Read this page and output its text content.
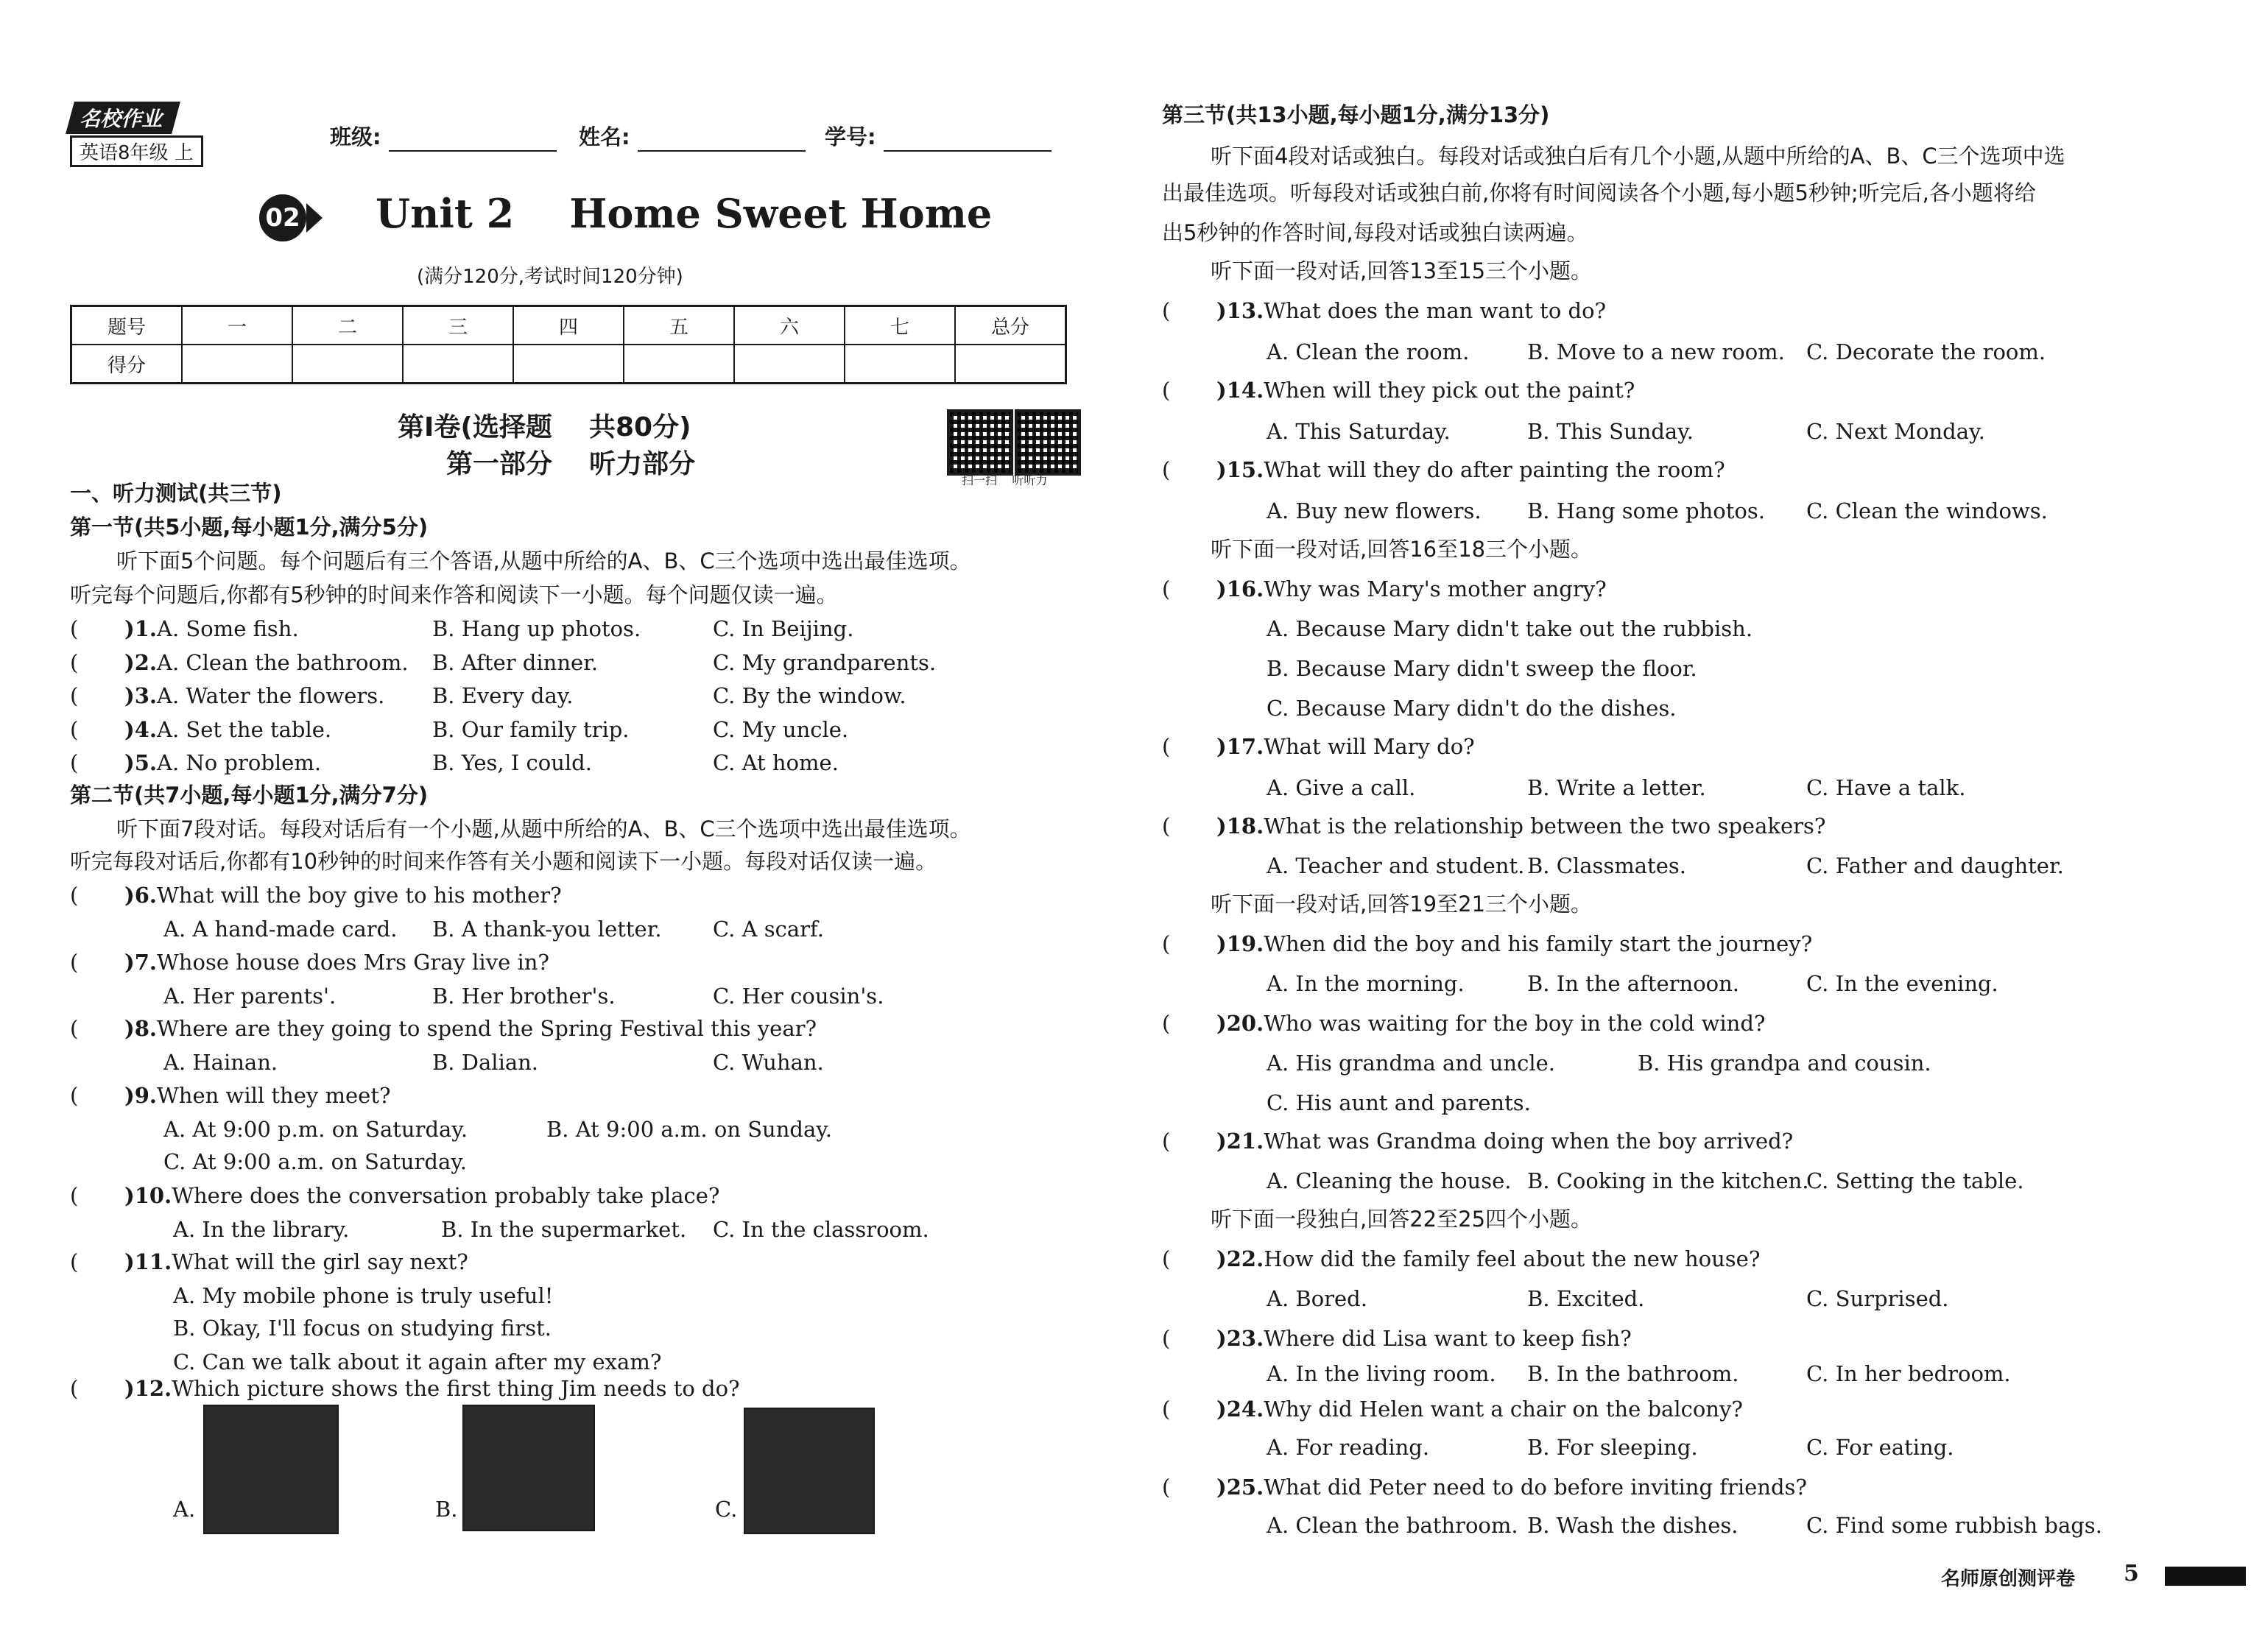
名校作业
英语8年级 上
班级:	姓名:	学号:
02 Unit 2    Home Sweet Home
(满分120分,考试时间120分钟)
题号	一	二	三	四	五	六	七	总分
得分								
第Ⅰ卷(选择题    共80分)
第一部分    听力部分
扫一扫    听听力
一、听力测试(共三节)
第一节(共5小题,每小题1分,满分5分)
听下面5个问题。每个问题后有三个答语,从题中所给的A、B、C三个选项中选出最佳选项。
听完每个问题后,你都有5秒钟的时间来作答和阅读下一小题。每个问题仅读一遍。
( )1.A. Some fish.	B. Hang up photos.	C. In Beijing.
( )2.A. Clean the bathroom. B. After dinner.	C. My grandparents.
( )3.A. Water the flowers. B. Every day.	C. By the window.
( )4.A. Set the table.	B. Our family trip.	C. My uncle.
( )5.A. No problem.	B. Yes, I could.	C. At home.
第二节(共7小题,每小题1分,满分7分)
听下面7段对话。每段对话后有一个小题,从题中所给的A、B、C三个选项中选出最佳选项。
听完每段对话后,你都有10秒钟的时间来作答有关小题和阅读下一小题。每段对话仅读一遍。
( )6.What will the boy give to his mother?
A. A hand-made card. B. A thank-you letter. C. A scarf.
( )7.Whose house does Mrs Gray live in?
A. Her parents'.	B. Her brother's.	C. Her cousin's.
( )8.Where are they going to spend the Spring Festival this year?
A. Hainan.	B. Dalian.	C. Wuhan.
( )9.When will they meet?
A. At 9:00 p.m. on Saturday.	B. At 9:00 a.m. on Sunday.
C. At 9:00 a.m. on Saturday.
( )10.Where does the conversation probably take place?
A. In the library.	B. In the supermarket. C. In the classroom.
( )11.What will the girl say next?
A. My mobile phone is truly useful!
B. Okay, I'll focus on studying first.
C. Can we talk about it again after my exam?
( )12.Which picture shows the first thing Jim needs to do?
A.	B.	C.
第三节(共13小题,每小题1分,满分13分)
听下面4段对话或独白。每段对话或独白后有几个小题,从题中所给的A、B、C三个选项中选
出最佳选项。听每段对话或独白前,你将有时间阅读各个小题,每小题5秒钟;听完后,各小题将给
出5秒钟的作答时间,每段对话或独白读两遍。
听下面一段对话,回答13至15三个小题。
( )13.What does the man want to do?
A. Clean the room.	B. Move to a new room. C. Decorate the room.
( )14.When will they pick out the paint?
A. This Saturday.	B. This Sunday.	C. Next Monday.
( )15.What will they do after painting the room?
A. Buy new flowers. B. Hang some photos. C. Clean the windows.
听下面一段对话,回答16至18三个小题。
( )16.Why was Mary's mother angry?
A. Because Mary didn't take out the rubbish.
B. Because Mary didn't sweep the floor.
C. Because Mary didn't do the dishes.
( )17.What will Mary do?
A. Give a call.	B. Write a letter.	C. Have a talk.
( )18.What is the relationship between the two speakers?
A. Teacher and student. B. Classmates.	C. Father and daughter.
听下面一段对话,回答19至21三个小题。
( )19.When did the boy and his family start the journey?
A. In the morning.	B. In the afternoon.	C. In the evening.
( )20.Who was waiting for the boy in the cold wind?
A. His grandma and uncle.	B. His grandpa and cousin.
C. His aunt and parents.
( )21.What was Grandma doing when the boy arrived?
A. Cleaning the house. B. Cooking in the kitchen.
C. Setting the table.
听下面一段独白,回答22至25四个小题。
( )22.How did the family feel about the new house?
A. Bored.	B. Excited.	C. Surprised.
( )23.Where did Lisa want to keep fish?
A. In the living room. B. In the bathroom.	C. In her bedroom.
( )24.Why did Helen want a chair on the balcony?
A. For reading.	B. For sleeping.	C. For eating.
( )25.What did Peter need to do before inviting friends?
A. Clean the bathroom. B. Wash the dishes.	C. Find some rubbish bags.
名师原创测评卷 5
